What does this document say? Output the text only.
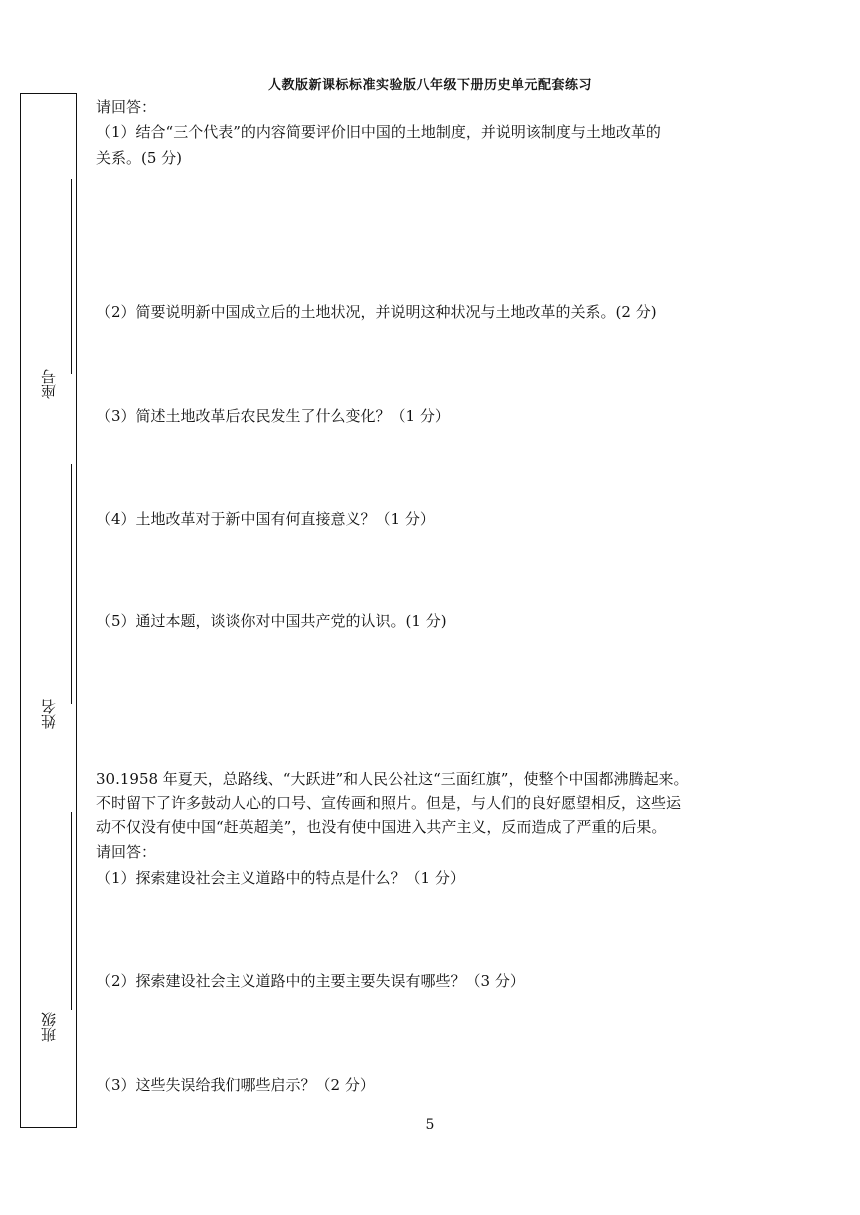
人教版新课标标准实验版八年级下册历史单元配套练习
座号
姓名
班级
请回答：
（1）结合“三个代表”的内容简要评价旧中国的土地制度，并说明该制度与土地改革的
关系。(5 分)
（2）简要说明新中国成立后的土地状况，并说明这种状况与土地改革的关系。(2 分)
（3）简述土地改革后农民发生了什么变化？（1 分）
（4）土地改革对于新中国有何直接意义？（1 分）
（5）通过本题，谈谈你对中国共产党的认识。(1 分)
30.1958 年夏天，总路线、“大跃进”和人民公社这“三面红旗”，使整个中国都沸腾起来。
不时留下了许多鼓动人心的口号、宣传画和照片。但是，与人们的良好愿望相反，这些运
动不仅没有使中国“赶英超美”，也没有使中国进入共产主义，反而造成了严重的后果。
请回答：
（1）探索建设社会主义道路中的特点是什么？（1 分）
（2）探索建设社会主义道路中的主要主要失误有哪些？（3 分）
（3）这些失误给我们哪些启示？（2 分）
5
